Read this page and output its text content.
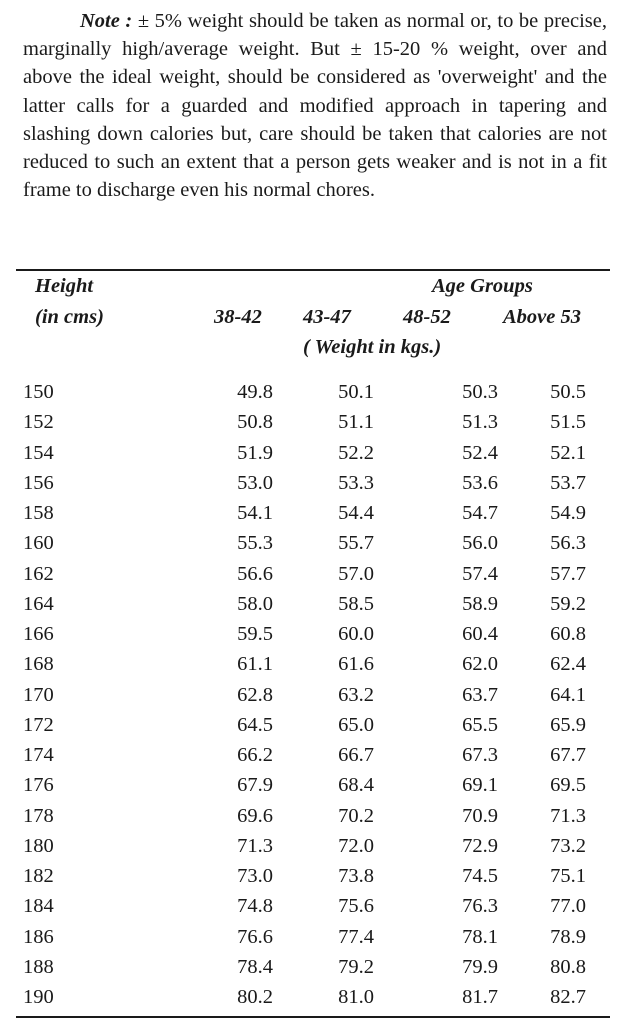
Note : ± 5% weight should be taken as normal or, to be precise, marginally high/average weight. But ± 15-20 % weight, over and above the ideal weight, should be considered as 'overweight' and the latter calls for a guarded and modified approach in tapering and slashing down calories but, care should be taken that calories are not reduced to such an extent that a person gets weaker and is not in a fit frame to discharge even his normal chores.
Height
(in cms)
Age Groups
38-42 43-47	48-52	Above 53
( Weight in kgs.)
150	49.8	50.1	50.3	50.5
152	50.8	51.1	51.3	51.5
154	51.9	52.2	52.4	52.1
156	53.0	53.3	53.6	53.7
158	54.1	54.4	54.7	54.9
160	55.3	55.7	56.0	56.3
162	56.6	57.0	57.4	57.7
164	58.0	58.5	58.9	59.2
166	59.5	60.0	60.4	60.8
168	61.1	61.6	62.0	62.4
170	62.8	63.2	63.7	64.1
172	64.5	65.0	65.5	65.9
174	66.2	66.7	67.3	67.7
176	67.9	68.4	69.1	69.5
178	69.6	70.2	70.9	71.3
180	71.3	72.0	72.9	73.2
182	73.0	73.8	74.5	75.1
184	74.8	75.6	76.3	77.0
186	76.6	77.4	78.1	78.9
188	78.4	79.2	79.9	80.8
190	80.2	81.0	81.7	82.7
